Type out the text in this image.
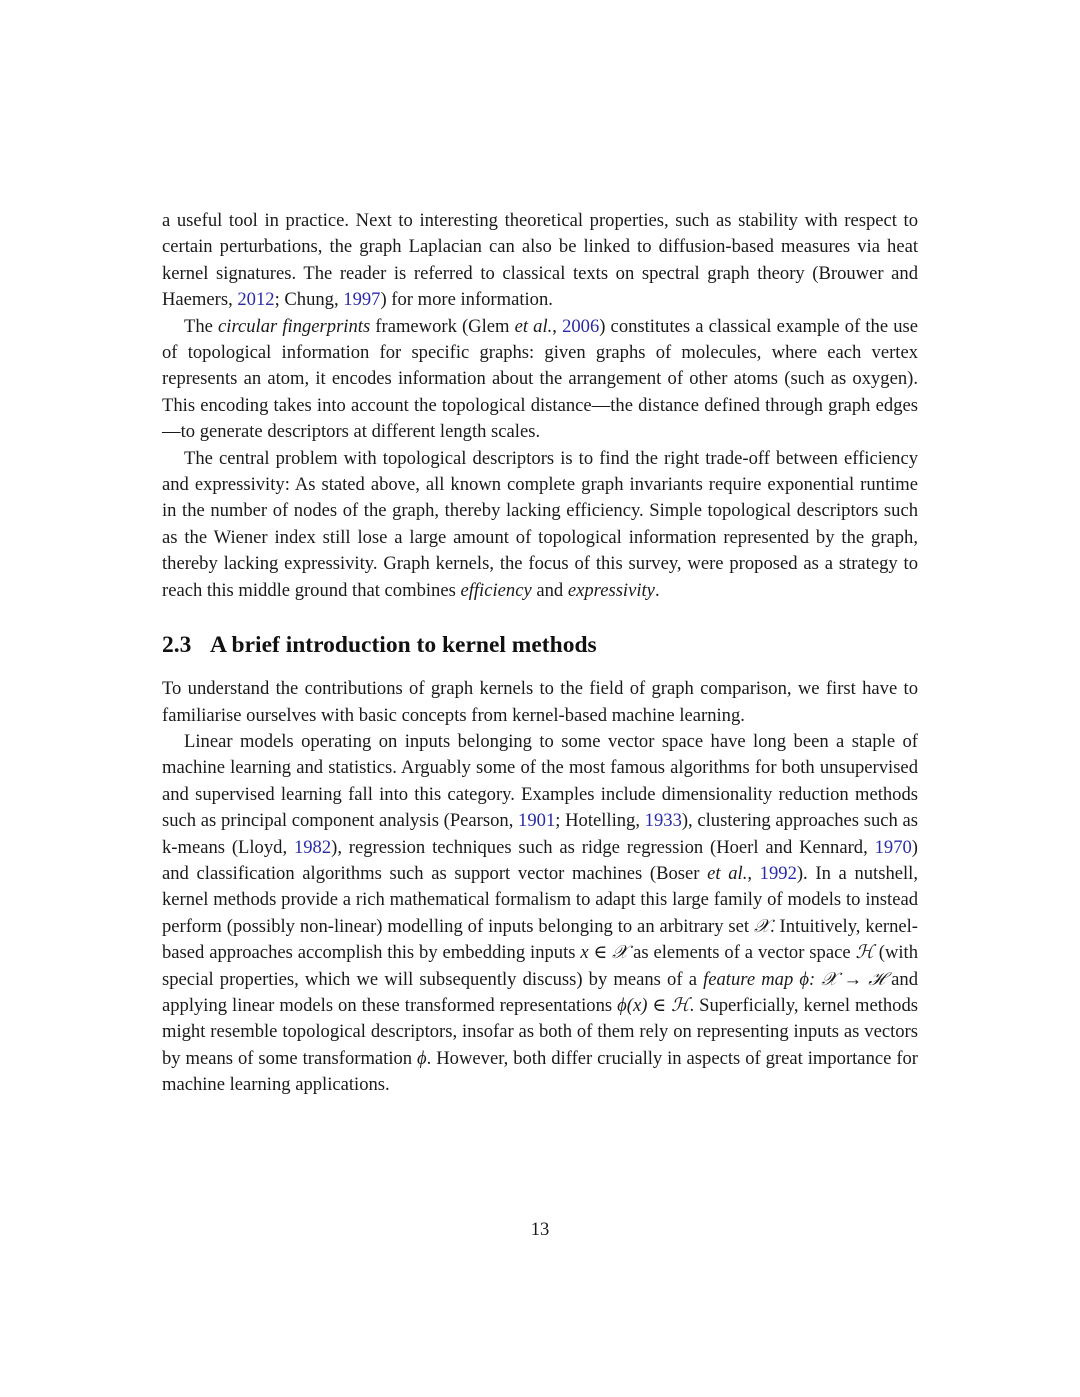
a useful tool in practice. Next to interesting theoretical properties, such as stability with respect to certain perturbations, the graph Laplacian can also be linked to diffusion-based measures via heat kernel signatures. The reader is referred to classical texts on spectral graph theory (Brouwer and Haemers, 2012; Chung, 1997) for more information.

The circular fingerprints framework (Glem et al., 2006) constitutes a classical example of the use of topological information for specific graphs: given graphs of molecules, where each vertex represents an atom, it encodes information about the arrangement of other atoms (such as oxygen). This encoding takes into account the topological distance—the distance defined through graph edges—to generate descriptors at different length scales.

The central problem with topological descriptors is to find the right trade-off between efficiency and expressivity: As stated above, all known complete graph invariants require exponential runtime in the number of nodes of the graph, thereby lacking efficiency. Simple topological descriptors such as the Wiener index still lose a large amount of topological information represented by the graph, thereby lacking expressivity. Graph kernels, the focus of this survey, were proposed as a strategy to reach this middle ground that combines efficiency and expressivity.

2.3 A brief introduction to kernel methods

To understand the contributions of graph kernels to the field of graph comparison, we first have to familiarise ourselves with basic concepts from kernel-based machine learning.

Linear models operating on inputs belonging to some vector space have long been a staple of machine learning and statistics. Arguably some of the most famous algorithms for both unsupervised and supervised learning fall into this category. Examples include dimensionality reduction methods such as principal component analysis (Pearson, 1901; Hotelling, 1933), clustering approaches such as k-means (Lloyd, 1982), regression techniques such as ridge regression (Hoerl and Kennard, 1970) and classification algorithms such as support vector machines (Boser et al., 1992). In a nutshell, kernel methods provide a rich mathematical formalism to adapt this large family of models to instead perform (possibly non-linear) modelling of inputs belonging to an arbitrary set 𝒳. Intuitively, kernel-based approaches accomplish this by embedding inputs x ∈ 𝒳 as elements of a vector space ℋ (with special properties, which we will subsequently discuss) by means of a feature map ϕ: 𝒳 → ℋ and applying linear models on these transformed representations ϕ(x) ∈ ℋ. Superficially, kernel methods might resemble topological descriptors, insofar as both of them rely on representing inputs as vectors by means of some transformation ϕ. However, both differ crucially in aspects of great importance for machine learning applications.

13
